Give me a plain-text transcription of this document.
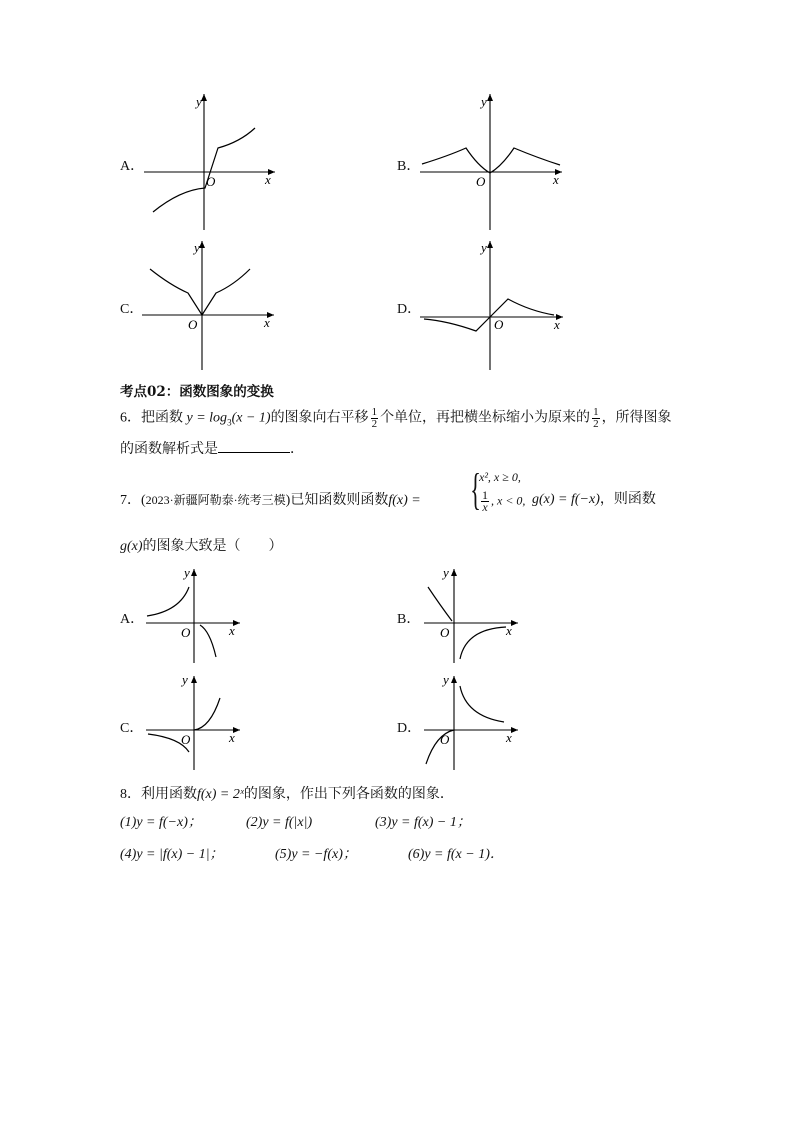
A．
y
x
O
B．
y
x
O
C．
y
x
O
D．
y
x
O
考点02：函数图象的变换
6．把函数 $y = \log_3(x - 1)$的图象向右平移 $\frac{1}{2}$ 个单位，再把横坐标缩小为原来的 $\frac{1}{2}$ ，所得图象
的函数解析式是	．
7．(2023·新疆阿勒泰·统考三模)已知函数则函数f(x) = {
x², x ≥ 0,
$\frac{1}{x}$ , x < 0, g(x) = f(−x)，则函数
g(x)的图象大致是（　　）
A．
y
x
O
B．
y
x
O
C．
y
x
O
D．
y
x
O
8．利用函数f(x) = 2ˣ的图象，作出下列各函数的图象．
(1)y = f(−x)；	(2)y = f(|x|)	(3)y = f(x) − 1；
(4)y = |f(x) − 1|；	(5)y = −f(x)；	(6)y = f(x − 1)．
